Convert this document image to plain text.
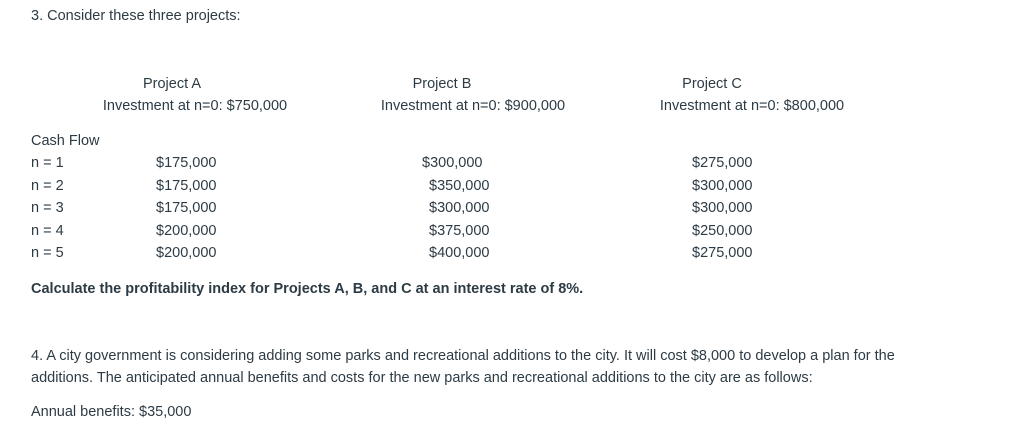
3. Consider these three projects:
Project A
Investment at n=0: $750,000
Project B
Investment at n=0: $900,000
Project C
Investment at n=0: $800,000
Cash Flow
n = 1	$175,000	$300,000	$275,000
n = 2	$175,000	$350,000	$300,000
n = 3	$175,000	$300,000	$300,000
n = 4	$200,000	$375,000	$250,000
n = 5	$200,000	$400,000	$275,000
Calculate the profitability index for Projects A, B, and C at an interest rate of 8%.
4. A city government is considering adding some parks and recreational additions to the city. It will cost $8,000 to develop a plan for the additions. The anticipated annual benefits and costs for the new parks and recreational additions to the city are as follows:
Annual benefits: $35,000
